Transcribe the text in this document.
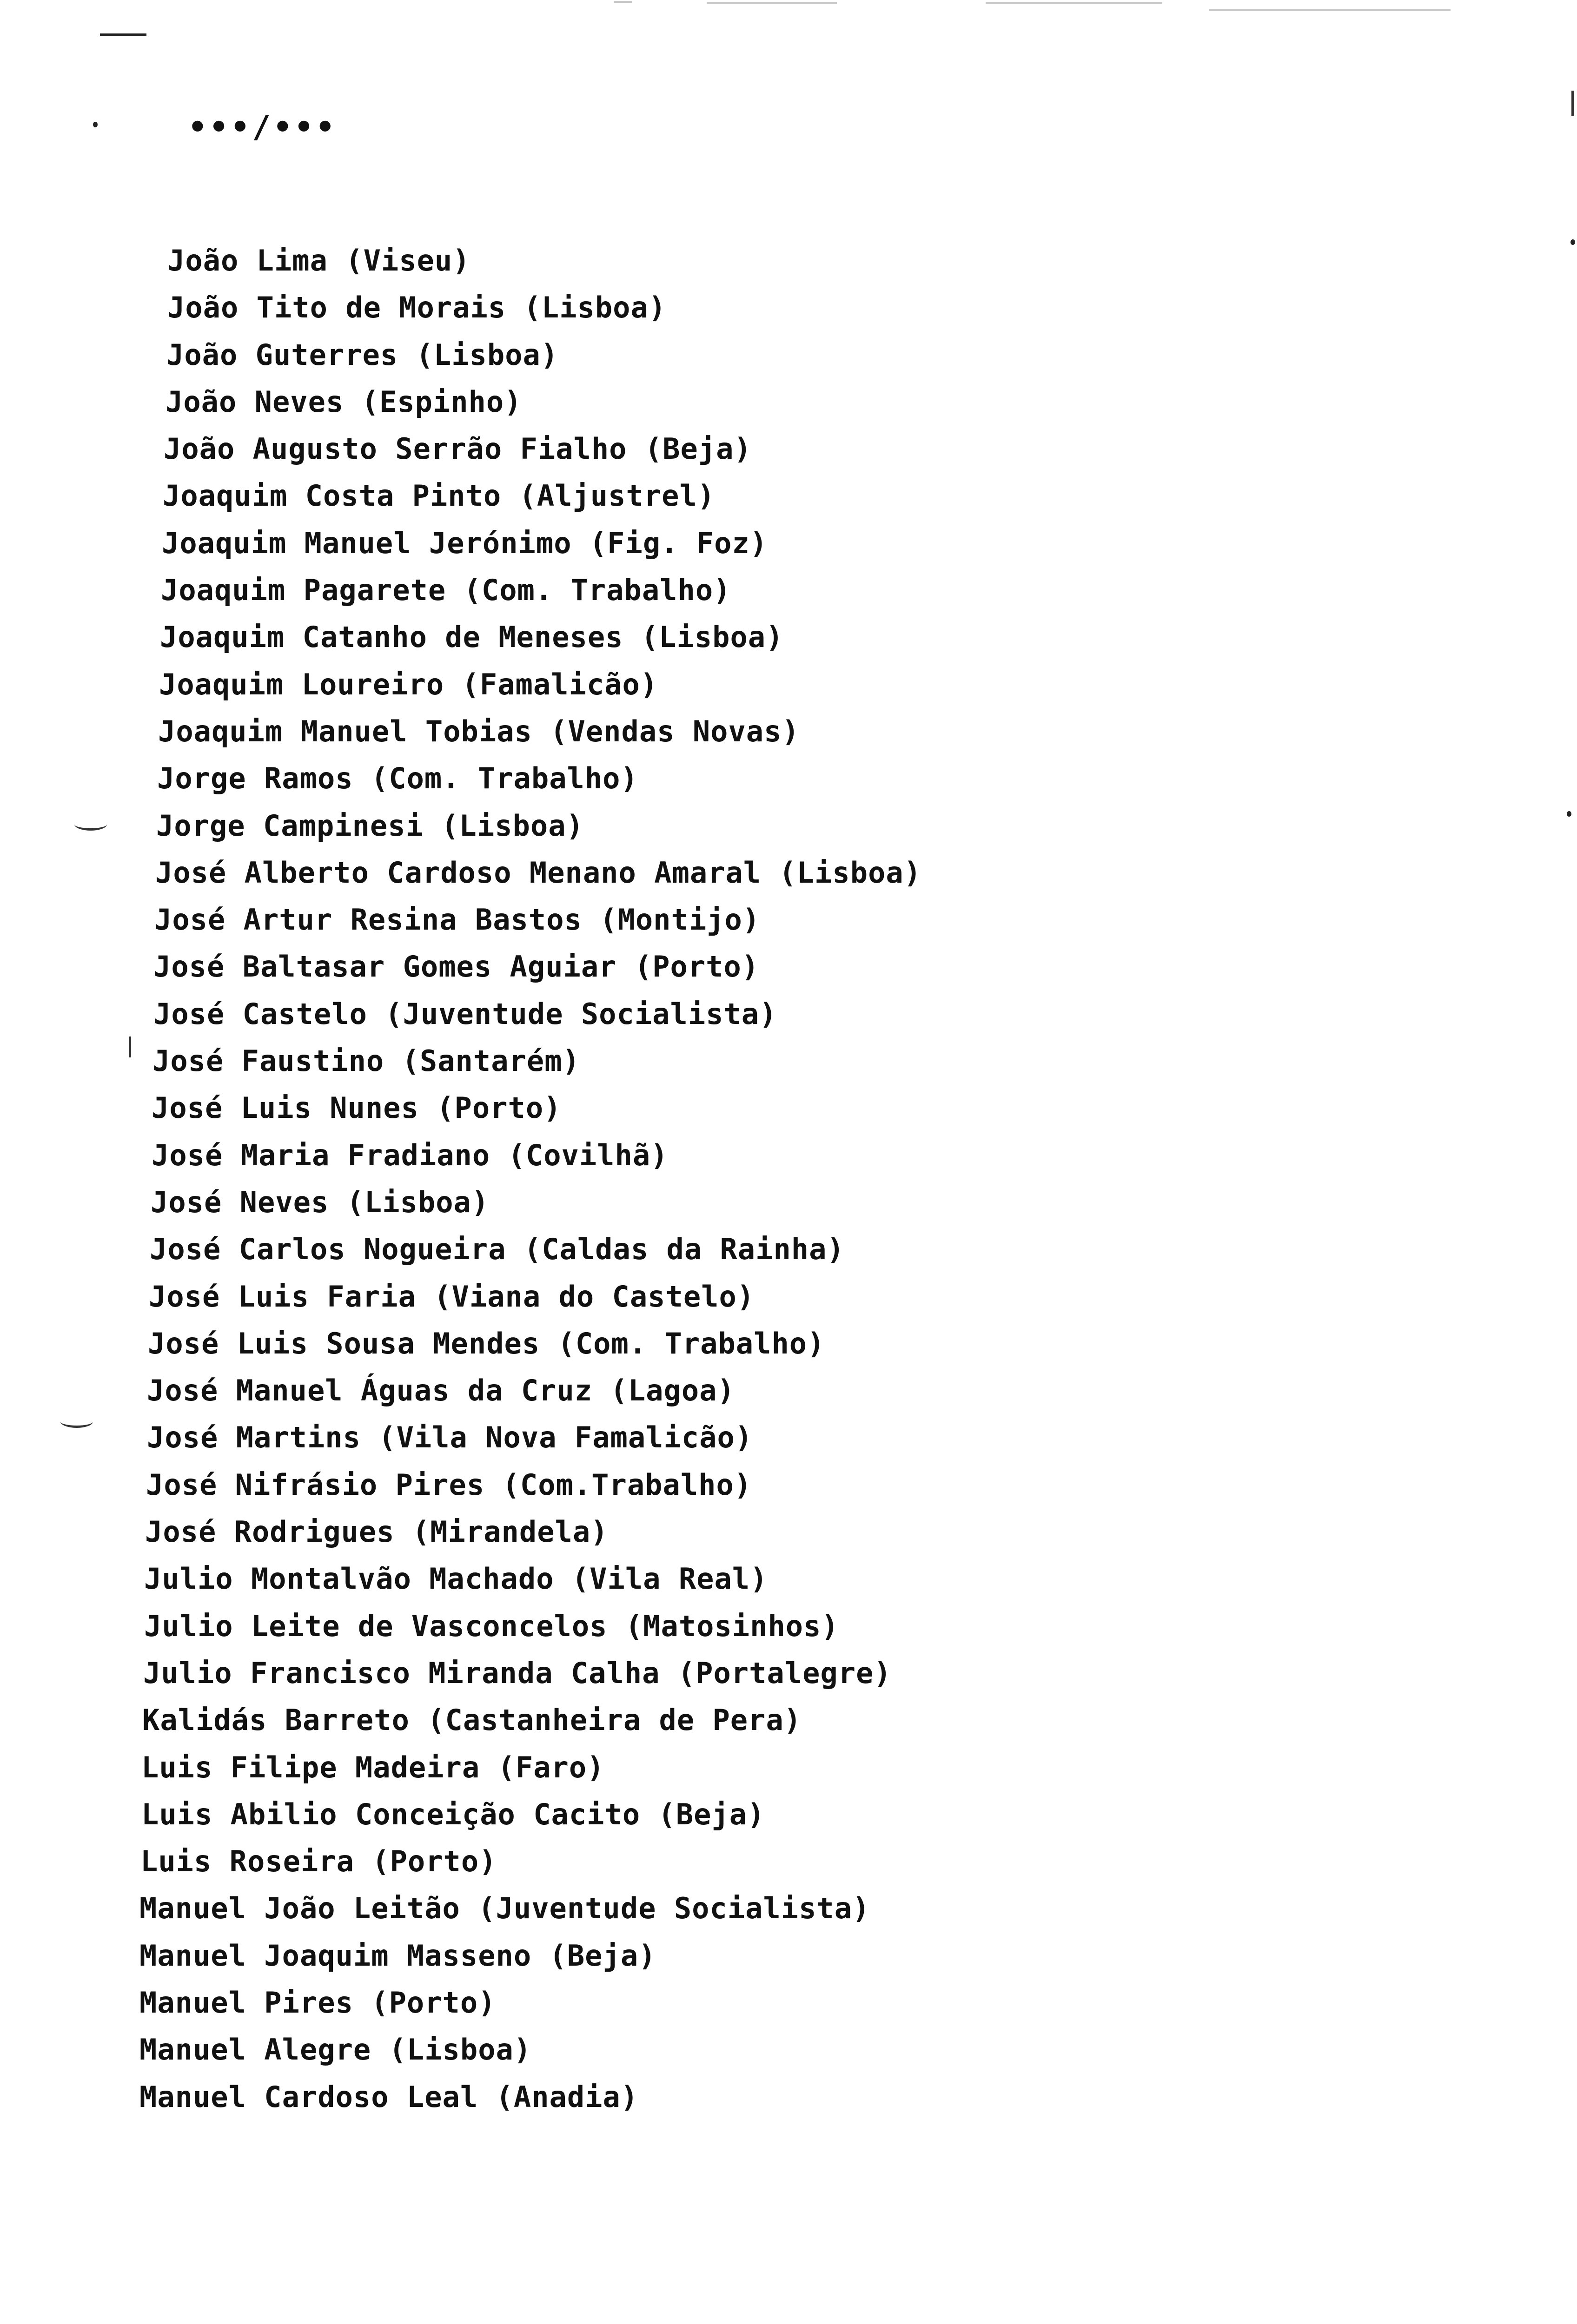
•••/•••
João Lima (Viseu)
João Tito de Morais (Lisboa)
João Guterres (Lisboa)
João Neves (Espinho)
João Augusto Serrão Fialho (Beja)
Joaquim Costa Pinto (Aljustrel)
Joaquim Manuel Jerónimo (Fig. Foz)
Joaquim Pagarete (Com. Trabalho)
Joaquim Catanho de Meneses (Lisboa)
Joaquim Loureiro (Famalicão)
Joaquim Manuel Tobias (Vendas Novas)
Jorge Ramos (Com. Trabalho)
Jorge Campinesi (Lisboa)
José Alberto Cardoso Menano Amaral (Lisboa)
José Artur Resina Bastos (Montijo)
José Baltasar Gomes Aguiar (Porto)
José Castelo (Juventude Socialista)
José Faustino (Santarém)
José Luis Nunes (Porto)
José Maria Fradiano (Covilhã)
José Neves (Lisboa)
José Carlos Nogueira (Caldas da Rainha)
José Luis Faria (Viana do Castelo)
José Luis Sousa Mendes (Com. Trabalho)
José Manuel Águas da Cruz (Lagoa)
José Martins (Vila Nova Famalicão)
José Nifrásio Pires (Com.Trabalho)
José Rodrigues (Mirandela)
Julio Montalvão Machado (Vila Real)
Julio Leite de Vasconcelos (Matosinhos)
Julio Francisco Miranda Calha (Portalegre)
Kalidás Barreto (Castanheira de Pera)
Luis Filipe Madeira (Faro)
Luis Abilio Conceição Cacito (Beja)
Luis Roseira (Porto)
Manuel João Leitão (Juventude Socialista)
Manuel Joaquim Masseno (Beja)
Manuel Pires (Porto)
Manuel Alegre (Lisboa)
Manuel Cardoso Leal (Anadia)
